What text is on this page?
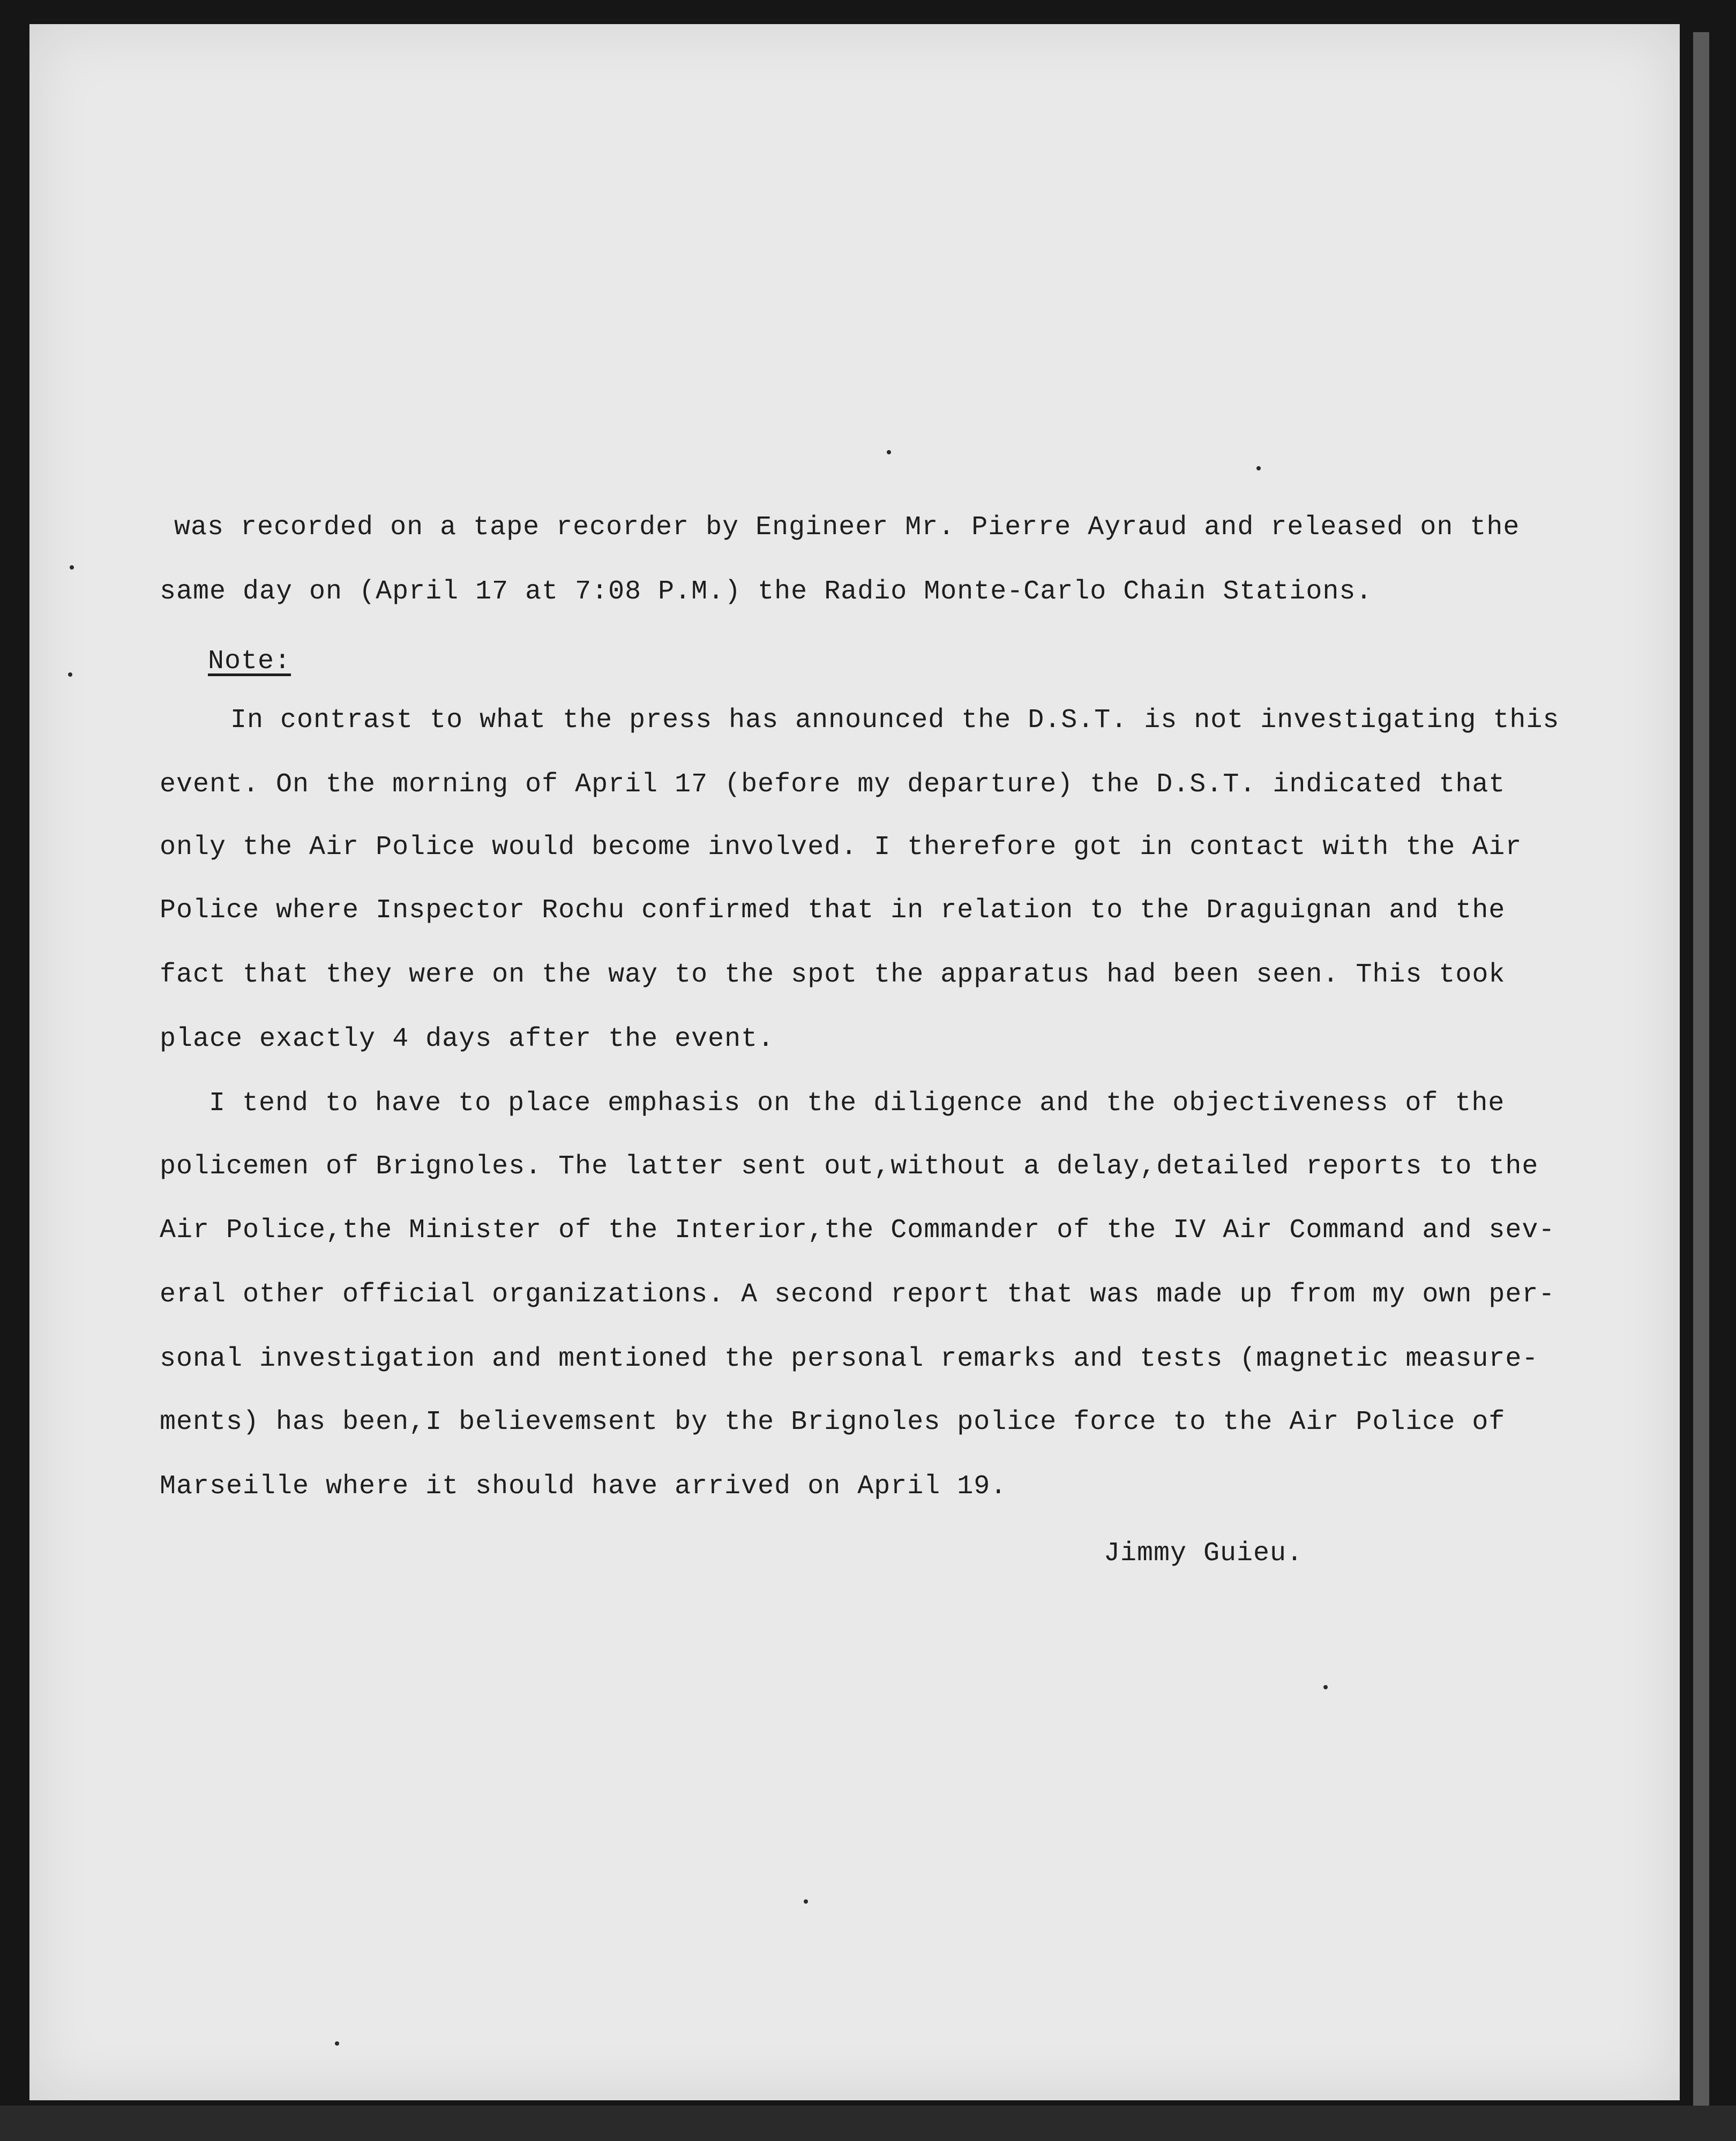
was recorded on a tape recorder by Engineer Mr. Pierre Ayraud and released on the
same day on (April 17 at 7:08 P.M.) the Radio Monte-Carlo Chain Stations.
Note:
In contrast to what the press has announced the D.S.T. is not investigating this
event. On the morning of April 17 (before my departure) the D.S.T. indicated that
only the Air Police would become involved. I therefore got in contact with the Air
Police where Inspector Rochu confirmed that in relation to the Draguignan and the
fact that they were on the way to the spot the apparatus had been seen. This took
place exactly 4 days after the event.
I tend to have to place emphasis on the diligence and the objectiveness of the
policemen of Brignoles. The latter sent out,without a delay,detailed reports to the
Air Police,the Minister of the Interior,the Commander of the IV Air Command and sev-
eral other official organizations. A second report that was made up from my own per-
sonal investigation and mentioned the personal remarks and tests (magnetic measure-
ments) has been,I believemsent by the Brignoles police force to the Air Police of
Marseille where it should have arrived on April 19.
Jimmy Guieu.
